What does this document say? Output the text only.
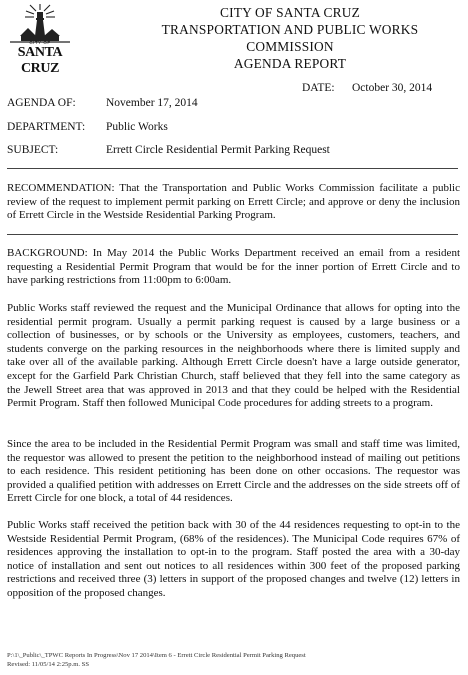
CITY OF
SANTA CRUZ
CITY OF SANTA CRUZ
TRANSPORTATION AND PUBLIC WORKS
COMMISSION
AGENDA REPORT
DATE: October 30, 2014
AGENDA OF:	November 17, 2014
DEPARTMENT: Public Works
SUBJECT:	Errett Circle Residential Permit Parking Request
RECOMMENDATION: That the Transportation and Public Works Commission facilitate a public review of the request to implement permit parking on Errett Circle; and approve or deny the inclusion of Errett Circle in the Westside Residential Parking Program.
BACKGROUND: In May 2014 the Public Works Department received an email from a resident requesting a Residential Permit Program that would be for the inner portion of Errett Circle and to have parking restrictions from 11:00pm to 6:00am.
Public Works staff reviewed the request and the Municipal Ordinance that allows for opting into the residential permit program. Usually a permit parking request is caused by a large business or a collection of businesses, or by schools or the University as employees, customers, teachers, and students converge on the parking resources in the neighborhoods where there is limited supply and take over all of the available parking. Although Errett Circle doesn't have a large outside generator, except for the Garfield Park Christian Church, staff believed that they fell into the same category as the Jewell Street area that was approved in 2013 and that they could be helped with the Residential Permit Program. Staff then followed Municipal Code procedures for adding streets to a program.
Since the area to be included in the Residential Permit Program was small and staff time was limited, the requestor was allowed to present the petition to the neighborhood instead of mailing out petitions to each residence. This resident petitioning has been done on other occasions. The requestor was provided a qualified petition with addresses on Errett Circle and the addresses on the side streets off of Errett Circle for one block, a total of 44 residences.
Public Works staff received the petition back with 30 of the 44 residences requesting to opt-in to the Westside Residential Permit Program, (68% of the residences). The Municipal Code requires 67% of residences approving the installation to opt-in to the program. Staff posted the area with a 30-day notice of installation and sent out notices to all residences within 300 feet of the proposed parking restrictions and received three (3) letters in support of the proposed changes and twelve (12) letters in opposition of the proposed changes.
P:\1\_Public\_TPWC Reports In Progress\Nov 17 2014\Item 6 - Errett Circle Residential Permit Parking Request
Revised: 11/05/14 2:25p.m. SS
